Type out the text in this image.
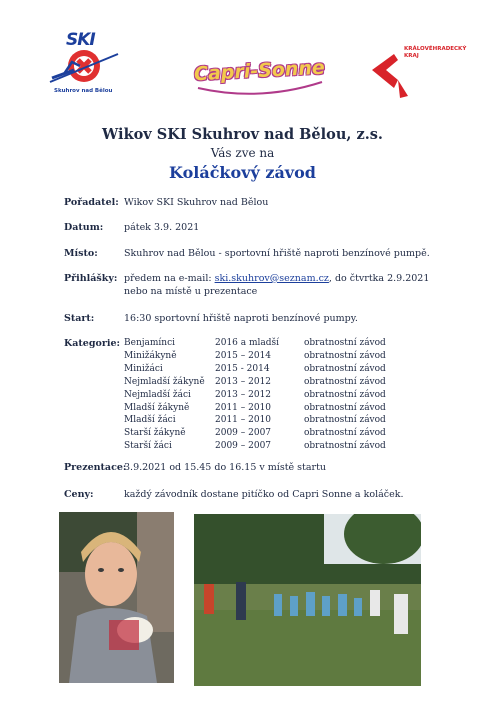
SKI
Skuhrov nad Bělou
Capri-Sonne
KRÁLOVÉHRADECKÝ KRAJ
Wikov SKI Skuhrov nad Bělou, z.s.
Vás zve na
Koláčkový závod
Pořadatel: Wikov SKI Skuhrov nad Bělou
Datum: pátek 3.9. 2021
Místo:	Skuhrov nad Bělou - sportovní hřiště naproti benzínové pumpě.
Přihlášky: předem na e-mail: ski.skuhrov@seznam.cz, do čtvrtka 2.9.2021
nebo na místě u prezentace
Start:	16:30 sportovní hřiště naproti benzínové pumpy.
Kategorie: Benjamínci	2016 a mladší	obratnostní závod
Minižákyně	2015 – 2014	obratnostní závod
Minižáci	2015 - 2014	obratnostní závod
Nejmladší žákyně 2013 – 2012	obratnostní závod
Nejmladší žáci	2013 – 2012	obratnostní závod
Mladší žákyně	2011 – 2010	obratnostní závod
Mladší žáci	2011 – 2010	obratnostní závod
Starší žákyně	2009 – 2007	obratnostní závod
Starší žáci	2009 – 2007	obratnostní závod
Prezentace:
3.9.2021 od 15.45 do 16.15 v místě startu
Ceny:	každý závodník dostane pitíčko od Capri Sonne a koláček.
